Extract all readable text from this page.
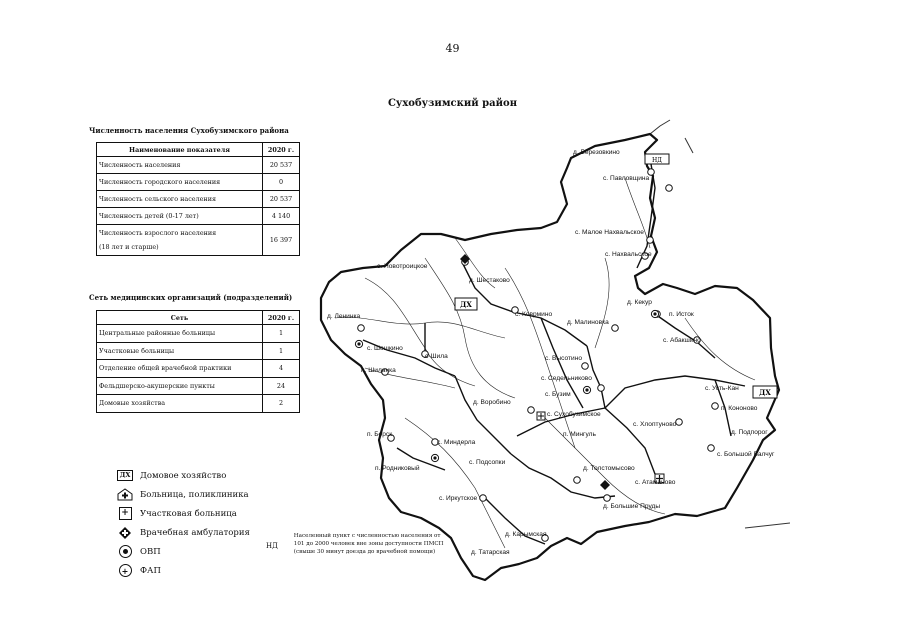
49
Сухобузимский район
Численность населения Сухобузимского района
Наименование показателя	2020 г.
Численность населения	20 537
Численность городского населения	0
Численность сельского населения	20 537
Численность детей (0-17 лет)	4 140
Численность взрослого населения
(18 лет и старше)	16 397
Сеть медицинских организаций (подразделений)
Сеть	2020 г.
Центральные районные больницы	1
Участковые больницы	1
Отделение общей врачебной практики	4
Фельдшерско-акушерские пункты	24
Домовые хозяйства	2
ДХ	Домовое хозяйство
Больница, поликлиника
+	Участковая больница
Врачебная амбулатория
ОВП
+ ФАП
НД
Населенный пункт с численностью населения от 101 до 2000 человек вне зоны доступности ПМСП (свыше 30 минут доезда до врачебной помощи)
ДХ
ДХ
НД
д. Березовкино
с. Павловщина
с. Малое Нахвальское
с. Нахвальское
с. Новотроицкое
д. Шестаково
д. Ленинка
д. Кекур
п. Исток
с. Коврмино
д. Малиновка
с. Абакшино
с. Шошкино
с-Шила	с. Высотино
п. Шиланка
с. Седельниково
с. Усть-Кан
с. Бузим
д. Воробино
с. Сухобузимское
п. Кононово
п. Мингуль
с. Хлоптуново
д. Подпорог
п. Борск
с. Миндерла
с. Большой Балчуг
п. Родниковый
с. Подсопки
д. Толстомысово
с. Атаманово
с. Иркутское
д. Большие Пруды
д. Карымская
д. Татарская
